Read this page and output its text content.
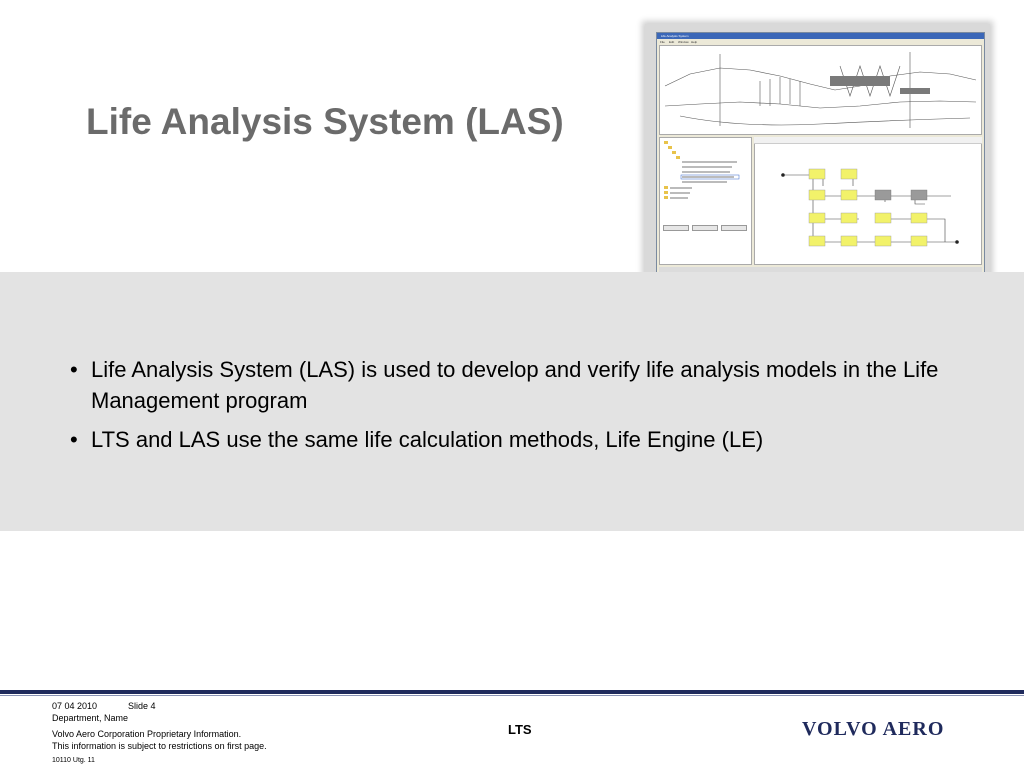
Life Analysis System (LAS)
Life Analysis System
File Edit Window Help
• Life Analysis System (LAS) is used to develop and verify life analysis models in the Life Management program
• LTS and LAS use the same life calculation methods, Life Engine (LE)
07 04 2010	Slide 4
Department, Name
Volvo Aero Corporation Proprietary Information.
This information is subject to restrictions on first page.
10110 Utg. 11
LTS	VOLVO AERO
